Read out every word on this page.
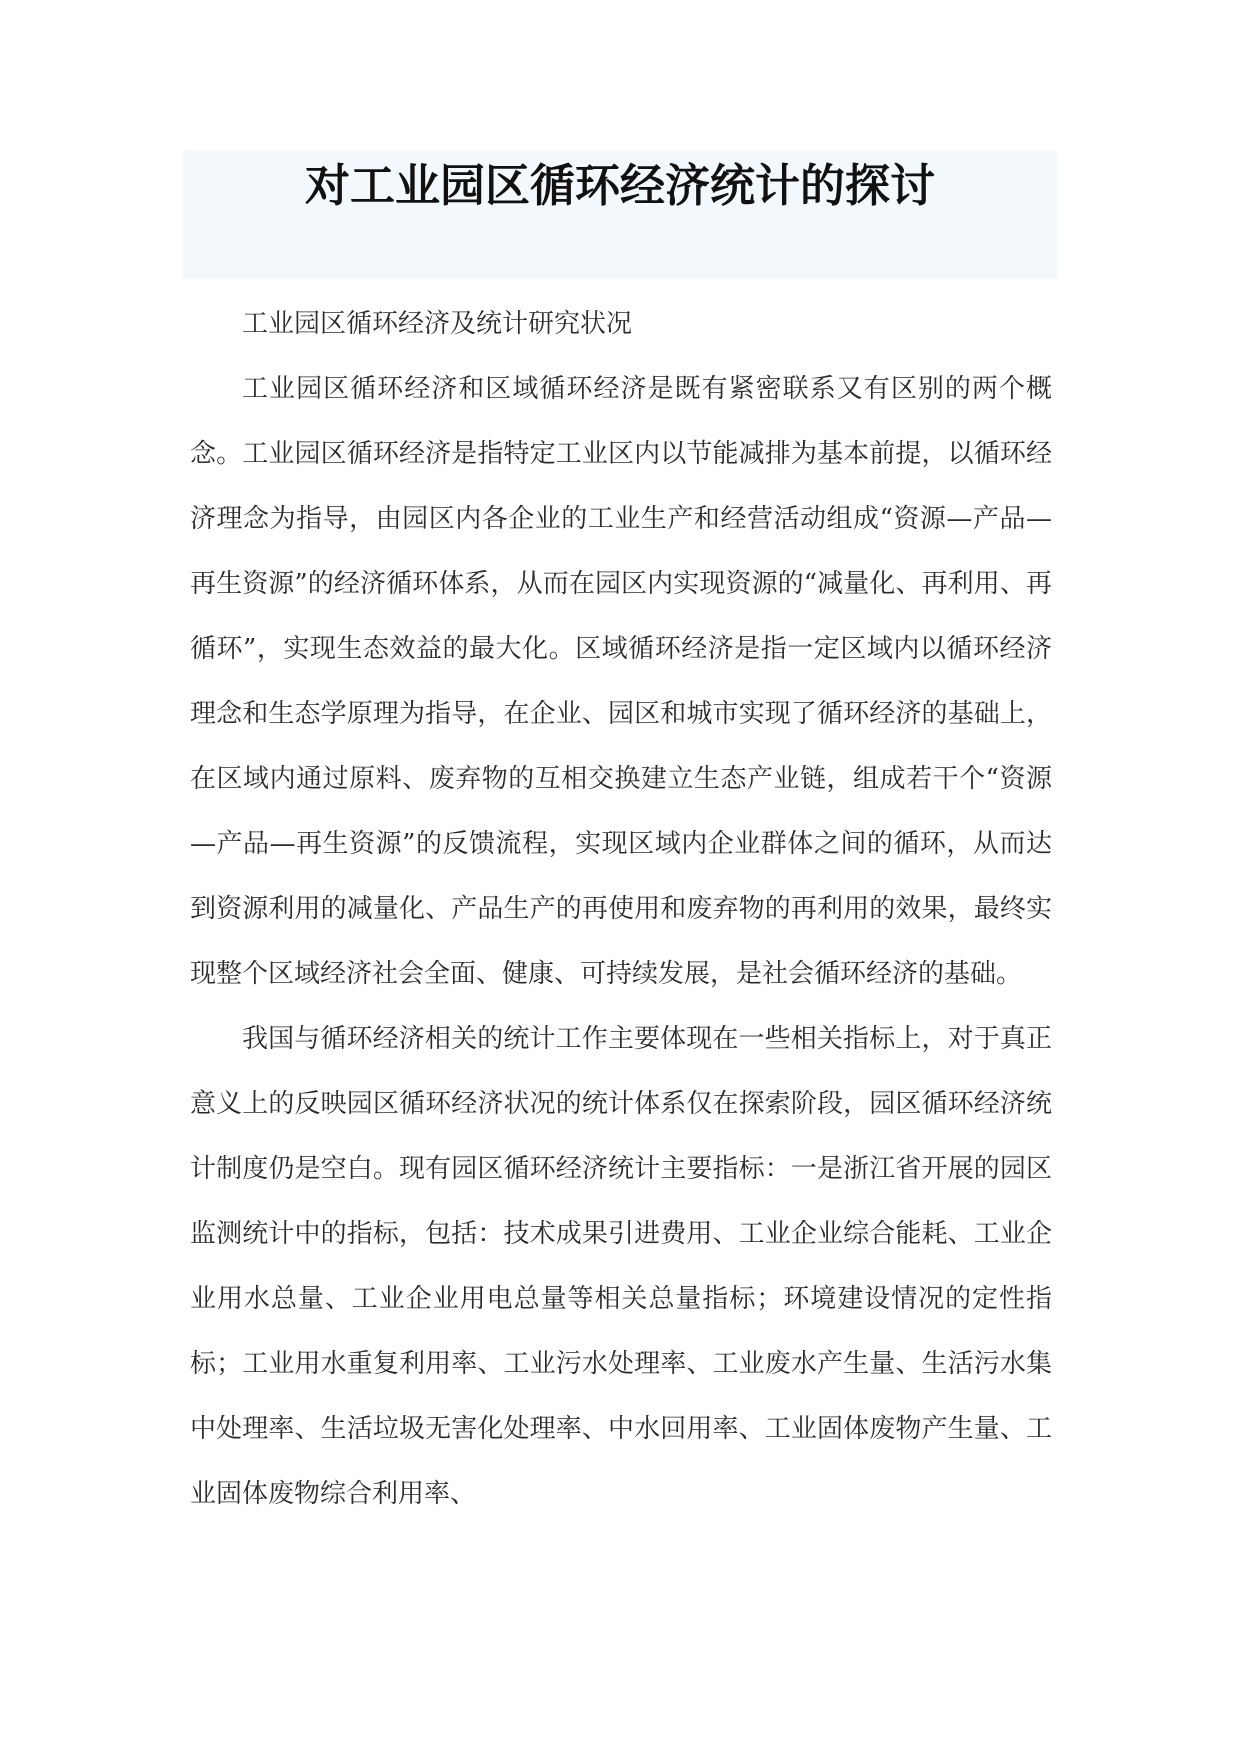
对工业园区循环经济统计的探讨

工业园区循环经济及统计研究状况

工业园区循环经济和区域循环经济是既有紧密联系又有区别的两个概念。工业园区循环经济是指特定工业区内以节能减排为基本前提，以循环经济理念为指导，由园区内各企业的工业生产和经营活动组成“资源—产品—再生资源”的经济循环体系，从而在园区内实现资源的“减量化、再利用、再循环”，实现生态效益的最大化。区域循环经济是指一定区域内以循环经济理念和生态学原理为指导，在企业、园区和城市实现了循环经济的基础上，在区域内通过原料、废弃物的互相交换建立生态产业链，组成若干个“资源—产品—再生资源”的反馈流程，实现区域内企业群体之间的循环，从而达到资源利用的减量化、产品生产的再使用和废弃物的再利用的效果，最终实现整个区域经济社会全面、健康、可持续发展，是社会循环经济的基础。

我国与循环经济相关的统计工作主要体现在一些相关指标上，对于真正意义上的反映园区循环经济状况的统计体系仅在探索阶段，园区循环经济统计制度仍是空白。现有园区循环经济统计主要指标：一是浙江省开展的园区监测统计中的指标，包括：技术成果引进费用、工业企业综合能耗、工业企业用水总量、工业企业用电总量等相关总量指标；环境建设情况的定性指标；工业用水重复利用率、工业污水处理率、工业废水产生量、生活污水集中处理率、生活垃圾无害化处理率、中水回用率、工业固体废物产生量、工业固体废物综合利用率、
